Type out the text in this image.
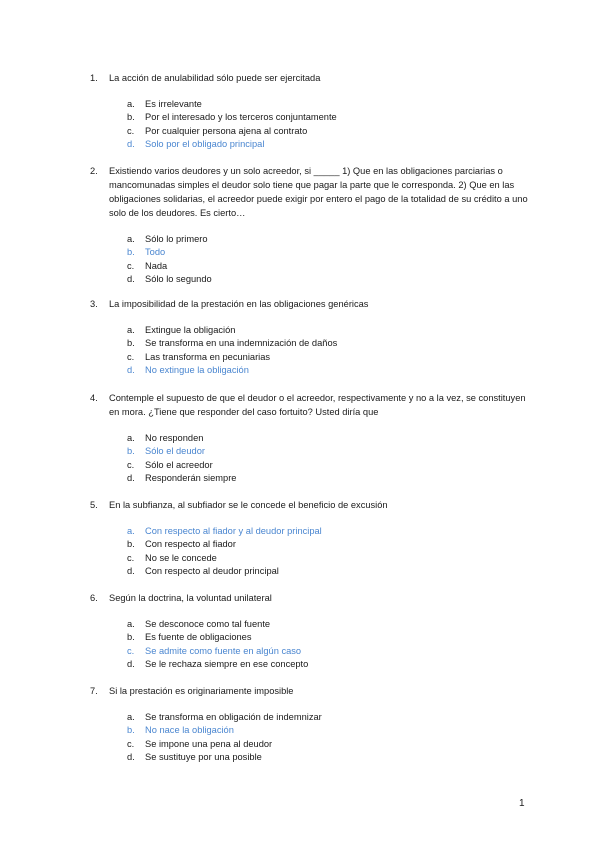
1. La acción de anulabilidad sólo puede ser ejercitada
a. Es irrelevante
b. Por el interesado y los terceros conjuntamente
c. Por cualquier persona ajena al contrato
d. Solo por el obligado principal
2. Existiendo varios deudores y un solo acreedor, si _____ 1) Que en las obligaciones parciarias o mancomunadas simples el deudor solo tiene que pagar la parte que le corresponda. 2) Que en las obligaciones solidarias, el acreedor puede exigir por entero el pago de la totalidad de su crédito a uno solo de los deudores. Es cierto…
a. Sólo lo primero
b. Todo
c. Nada
d. Sólo lo segundo
3. La imposibilidad de la prestación en las obligaciones genéricas
a. Extingue la obligación
b. Se transforma en una indemnización de daños
c. Las transforma en pecuniarias
d. No extingue la obligación
4. Contemple el supuesto de que el deudor o el acreedor, respectivamente y no a la vez, se constituyen en mora. ¿Tiene que responder del caso fortuito? Usted diría que
a. No responden
b. Sólo el deudor
c. Sólo el acreedor
d. Responderán siempre
5. En la subfianza, al subfiador se le concede el beneficio de excusión
a. Con respecto al fiador y al deudor principal
b. Con respecto al fiador
c. No se le concede
d. Con respecto al deudor principal
6. Según la doctrina, la voluntad unilateral
a. Se desconoce como tal fuente
b. Es fuente de obligaciones
c. Se admite como fuente en algún caso
d. Se le rechaza siempre en ese concepto
7. Si la prestación es originariamente imposible
a. Se transforma en obligación de indemnizar
b. No nace la obligación
c. Se impone una pena al deudor
d. Se sustituye por una posible
1
